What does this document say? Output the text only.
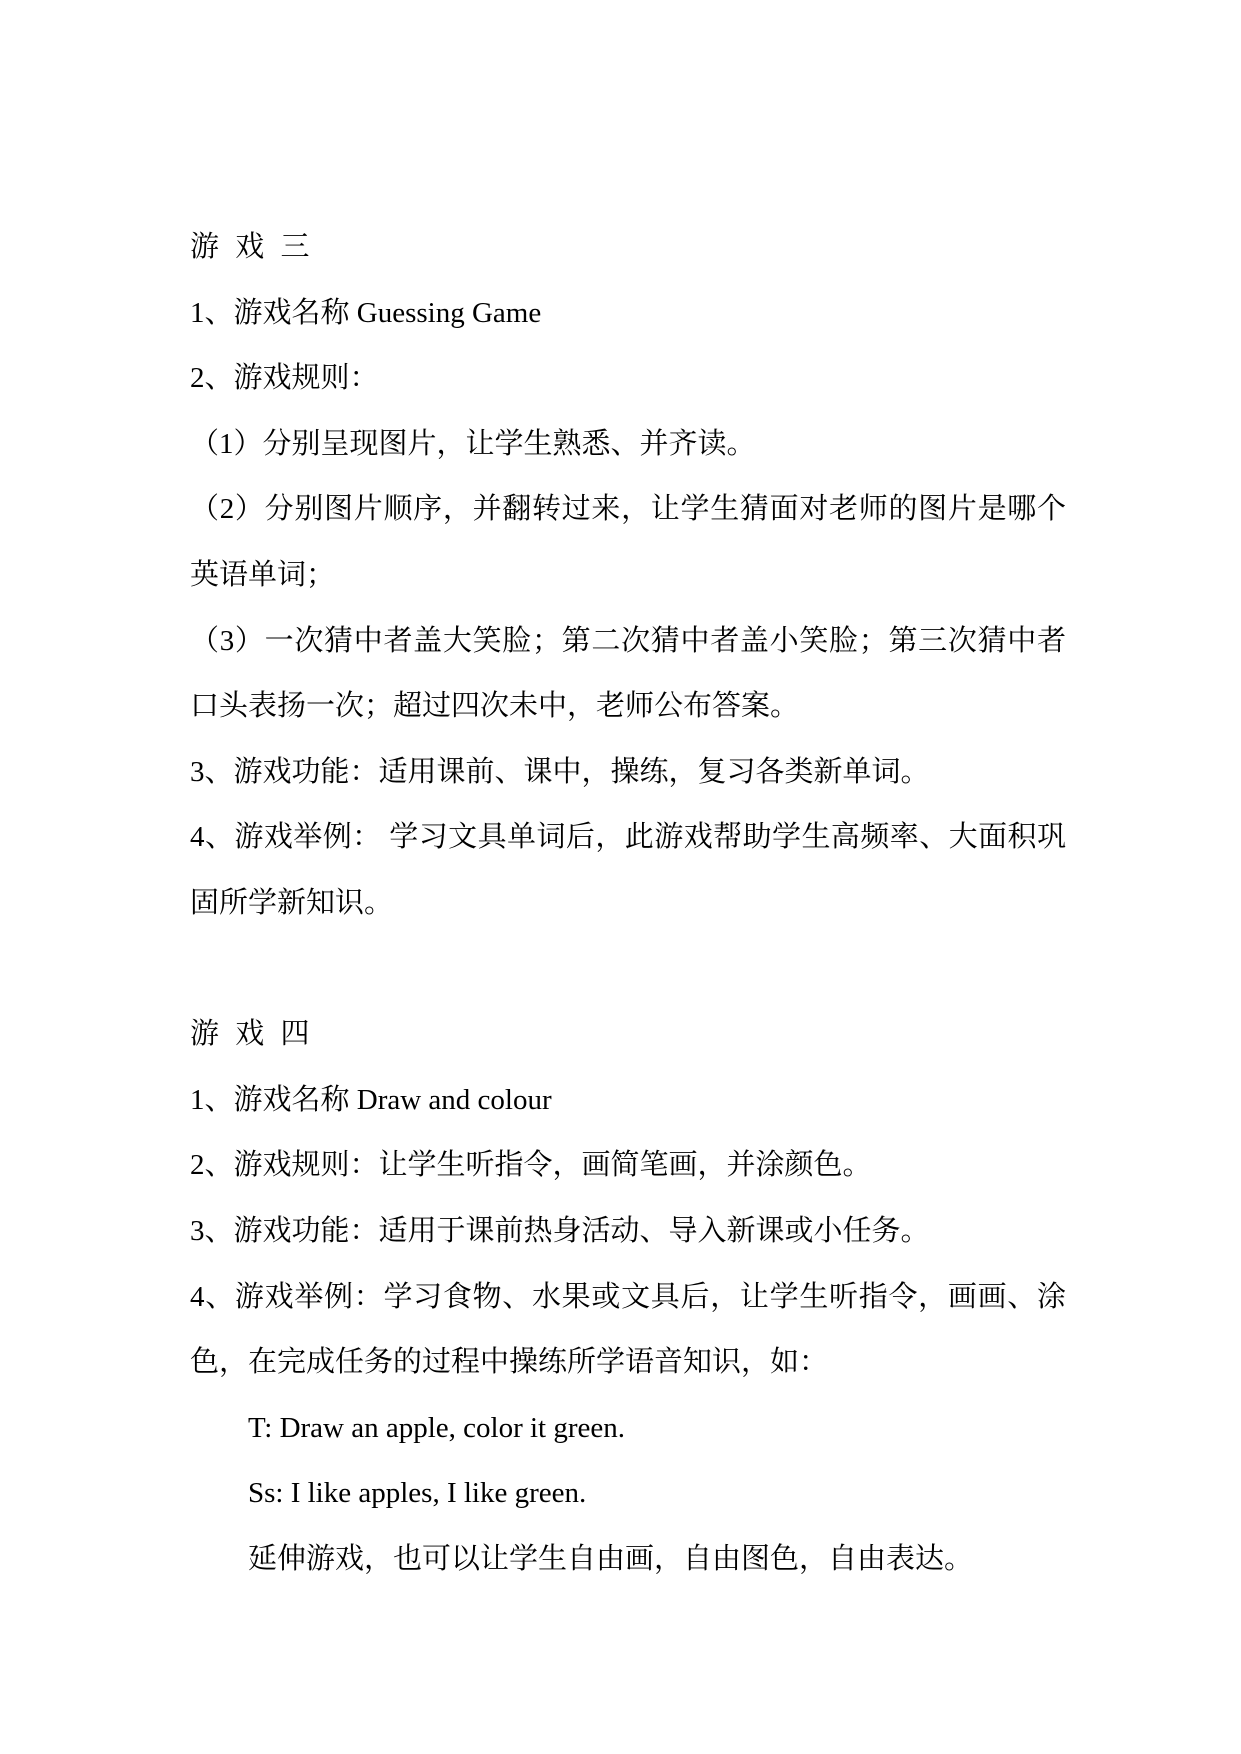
游 戏 三
1、游戏名称 Guessing Game
2、游戏规则：
（1）分别呈现图片，让学生熟悉、并齐读。
（2）分别图片顺序，并翻转过来，让学生猜面对老师的图片是哪个
英语单词；
（3）一次猜中者盖大笑脸；第二次猜中者盖小笑脸；第三次猜中者
口头表扬一次；超过四次未中，老师公布答案。
3、游戏功能：适用课前、课中，操练，复习各类新单词。
4、游戏举例： 学习文具单词后，此游戏帮助学生高频率、大面积巩
固所学新知识。
游 戏 四
1、游戏名称 Draw and colour
2、游戏规则：让学生听指令，画简笔画，并涂颜色。
3、游戏功能：适用于课前热身活动、导入新课或小任务。
4、游戏举例：学习食物、水果或文具后，让学生听指令，画画、涂
色，在完成任务的过程中操练所学语音知识，如：
T: Draw an apple, color it green.
Ss: I like apples, I like green.
延伸游戏，也可以让学生自由画，自由图色，自由表达。
